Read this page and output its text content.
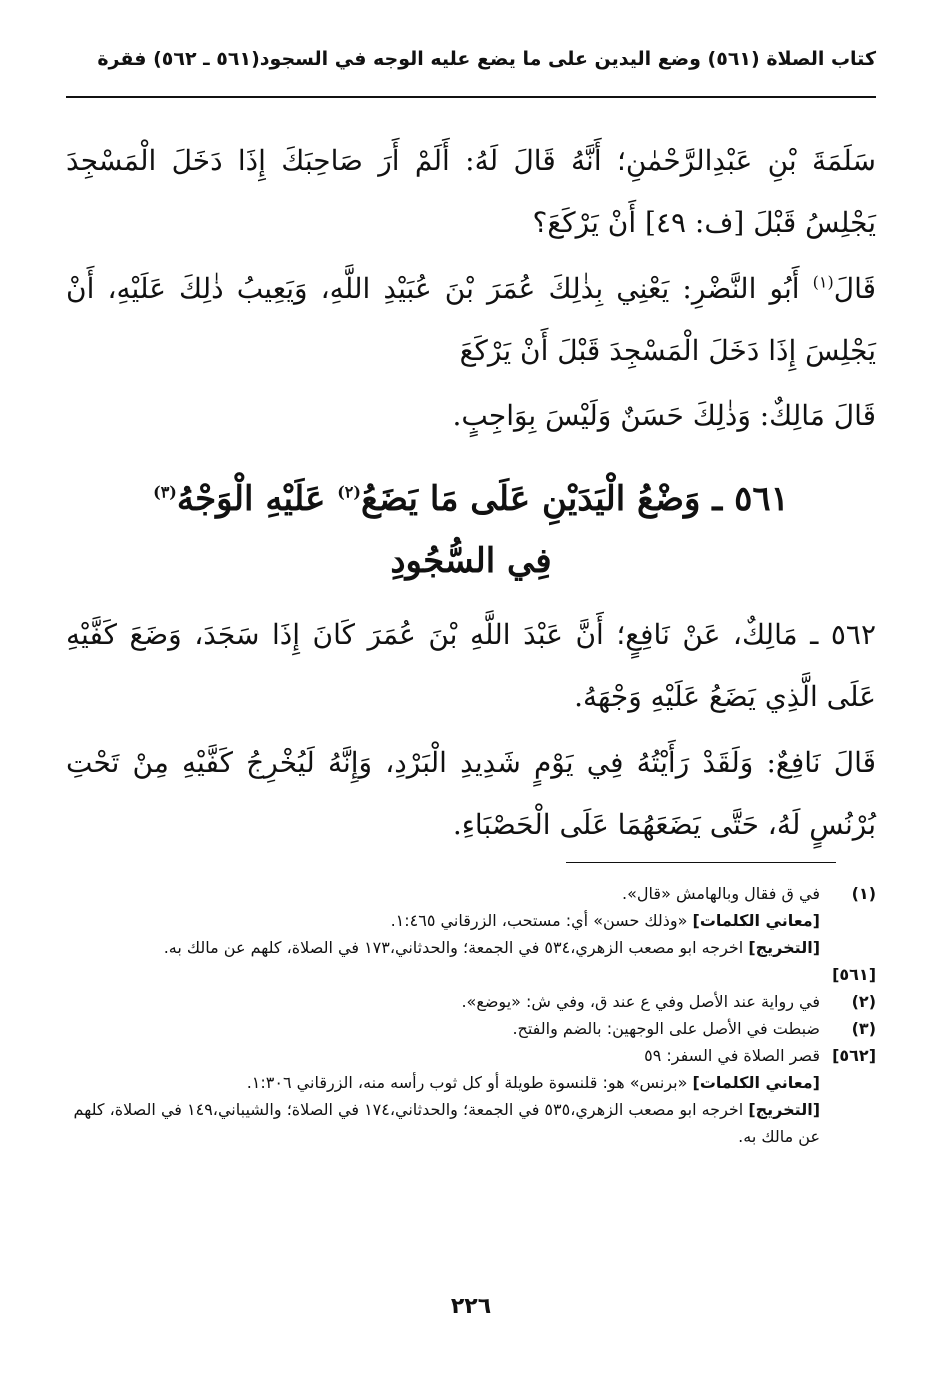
كتاب الصلاة (٥٦١) وضع اليدين على ما يضع عليه الوجه في السجود(٥٦١ ـ ٥٦٢) فقرة
سَلَمَةَ بْنِ عَبْدِالرَّحْمٰنِ؛ أَنَّهُ قَالَ لَهُ: أَلَمْ أَرَ صَاحِبَكَ إِذَا دَخَلَ الْمَسْجِدَ يَجْلِسُ قَبْلَ [ف: ٤٩] أَنْ يَرْكَعَ؟
قَالَ$^{(١)}$ أَبُو النَّضْرِ: يَعْنِي بِذٰلِكَ عُمَرَ بْنَ عُبَيْدِ اللَّهِ، وَيَعِيبُ ذٰلِكَ عَلَيْهِ، أَنْ يَجْلِسَ إِذَا دَخَلَ الْمَسْجِدَ قَبْلَ أَنْ يَرْكَعَ
قَالَ مَالِكٌ: وَذٰلِكَ حَسَنٌ وَلَيْسَ بِوَاجِبٍ.
٥٦١ ـ وَضْعُ الْيَدَيْنِ عَلَى مَا يَضَعُ$^{(٢)}$ عَلَيْهِ الْوَجْهُ$^{(٣)}$
فِي السُّجُودِ
٥٦٢ ـ مَالِكٌ، عَنْ نَافِعٍ؛ أَنَّ عَبْدَ اللَّهِ بْنَ عُمَرَ كَانَ إِذَا سَجَدَ، وَضَعَ كَفَّيْهِ عَلَى الَّذِي يَضَعُ عَلَيْهِ وَجْهَهُ.
قَالَ نَافِعٌ: وَلَقَدْ رَأَيْتُهُ فِي يَوْمٍ شَدِيدِ الْبَرْدِ، وَإِنَّهُ لَيُخْرِجُ كَفَّيْهِ مِنْ تَحْتِ بُرْنُسٍ لَهُ، حَتَّى يَضَعَهُمَا عَلَى الْحَصْبَاءِ.
(١)

في ق فقال وبالهامش «قال».

[معاني الكلمات] «وذلك حسن» أي: مستحب، الزرقاني ١:٤٦٥.

[التخريج] اخرجه ابو مصعب الزهري،٥٣٤ في الجمعة؛ والحدثاني،١٧٣ في الصلاة، كلهم عن مالك به.

[٥٦١]

(٢)

في رواية عند الأصل وفي ع عند ق، وفي ش: «يوضع».

(٣)

ضبطت في الأصل على الوجهين: بالضم والفتح.

[٥٦٢]

قصر الصلاة في السفر: ٥٩

[معاني الكلمات] «برنس» هو: قلنسوة طويلة أو كل ثوب رأسه منه، الزرقاني ١:٣٠٦.

[التخريج] اخرجه ابو مصعب الزهري،٥٣٥ في الجمعة؛ والحدثاني،١٧٤ في الصلاة؛ والشيباني،١٤٩ في الصلاة، كلهم عن مالك به.

٢٢٦
